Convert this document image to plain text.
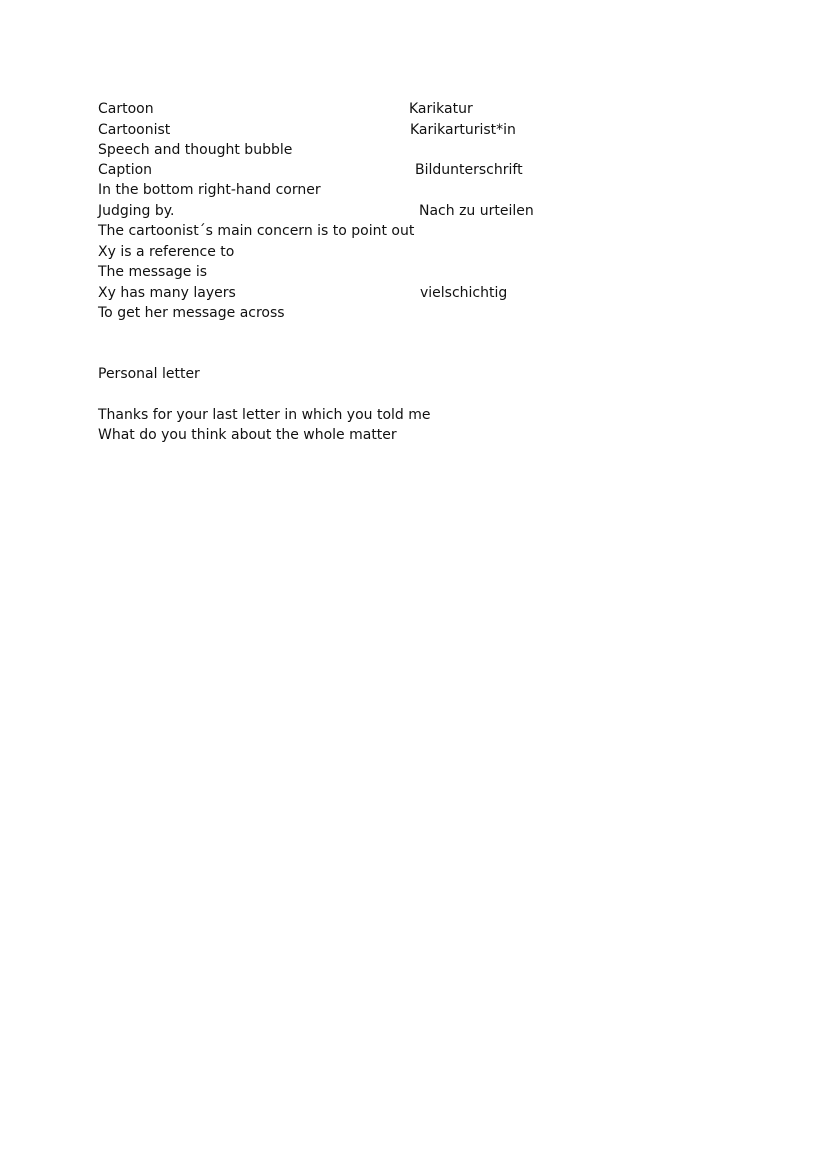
Cartoon	Karikatur
Cartoonist	Karikarturist*in
Speech and thought bubble
Caption	Bildunterschrift
In the bottom right-hand corner
Judging by.	Nach zu urteilen
The cartoonist´s main concern is to point out
Xy is a reference to
The message is
Xy has many layers	vielschichtig
To get her message across
Personal letter
Thanks for your last letter in which you told me
What do you think about the whole matter
